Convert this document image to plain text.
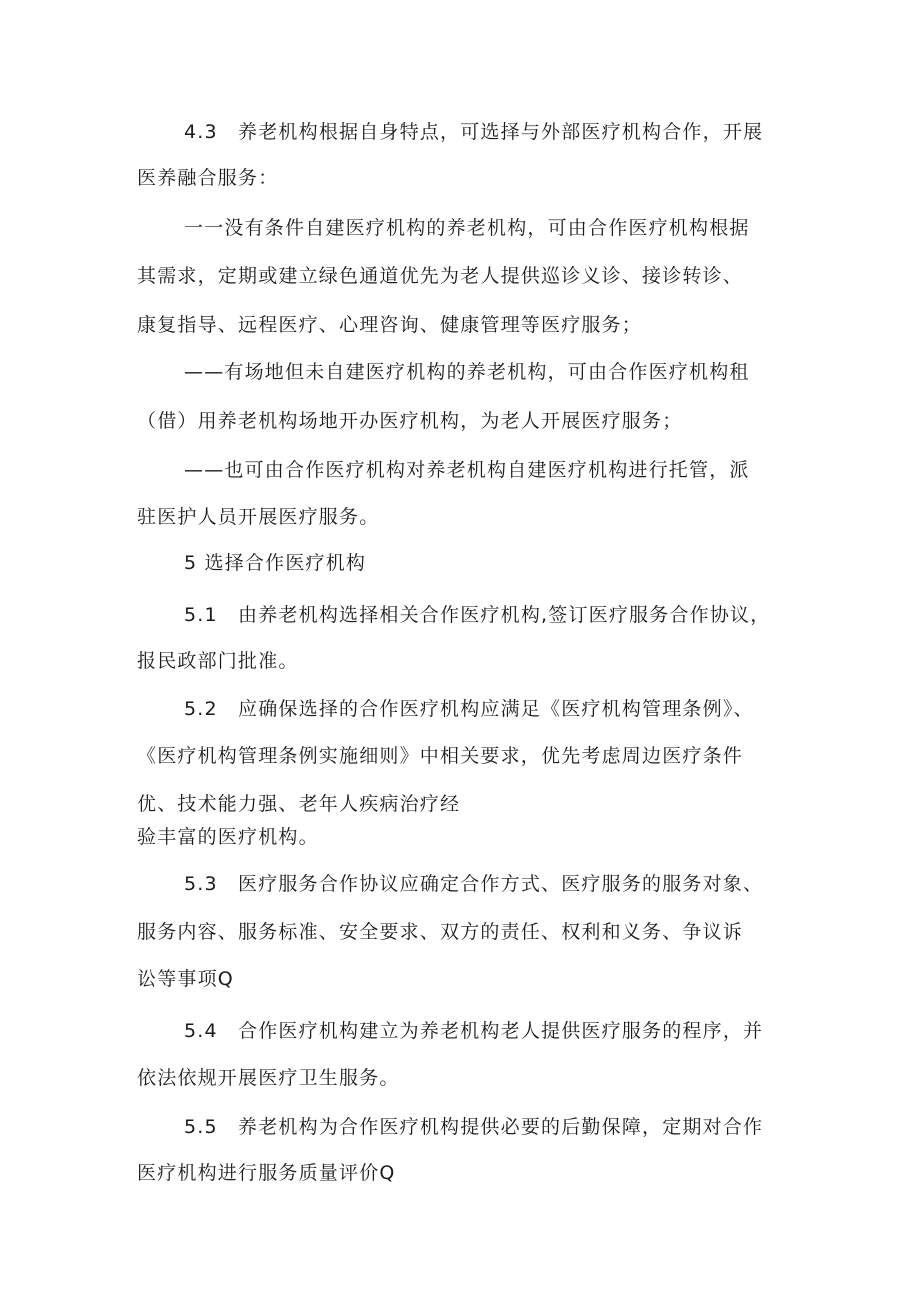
4.3　养老机构根据自身特点，可选择与外部医疗机构合作，开展
医养融合服务：
一一没有条件自建医疗机构的养老机构，可由合作医疗机构根据
其需求，定期或建立绿色通道优先为老人提供巡诊义诊、接诊转诊、
康复指导、远程医疗、心理咨询、健康管理等医疗服务；
——有场地但未自建医疗机构的养老机构，可由合作医疗机构租
（借）用养老机构场地开办医疗机构，为老人开展医疗服务；
——也可由合作医疗机构对养老机构自建医疗机构进行托管，派
驻医护人员开展医疗服务。
5 选择合作医疗机构
5.1　由养老机构选择相关合作医疗机构,签订医疗服务合作协议，
报民政部门批准。
5.2　应确保选择的合作医疗机构应满足《医疗机构管理条例》、
《医疗机构管理条例实施细则》中相关要求，优先考虑周边医疗条件
优、技术能力强、老年人疾病治疗经
验丰富的医疗机构。
5.3　医疗服务合作协议应确定合作方式、医疗服务的服务对象、
服务内容、服务标准、安全要求、双方的责任、权利和义务、争议诉
讼等事项Q
5.4　合作医疗机构建立为养老机构老人提供医疗服务的程序，并
依法依规开展医疗卫生服务。
5.5　养老机构为合作医疗机构提供必要的后勤保障，定期对合作
医疗机构进行服务质量评价Q
